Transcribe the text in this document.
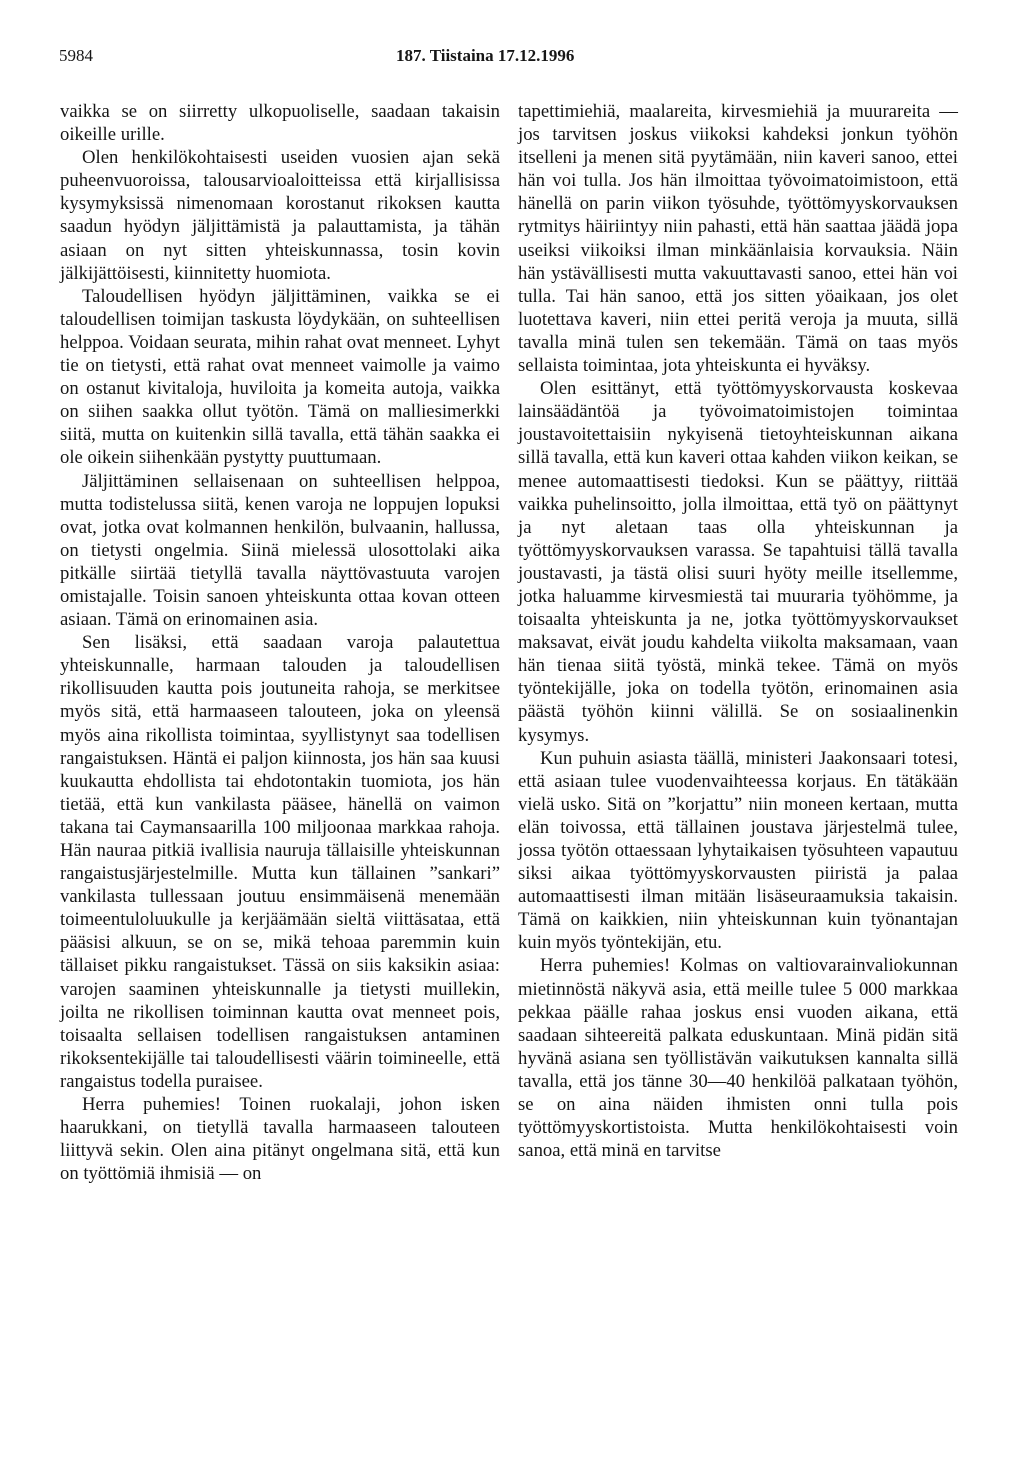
5984	187. Tiistaina 17.12.1996

vaikka se on siirretty ulkopuoliselle, saadaan takaisin oikeille urille.

Olen henkilökohtaisesti useiden vuosien ajan sekä puheenvuoroissa, talousarvioaloitteissa että kirjallisissa kysymyksissä nimenomaan korostanut rikoksen kautta saadun hyödyn jäljittämistä ja palauttamista, ja tähän asiaan on nyt sitten yhteiskunnassa, tosin kovin jälkijättöisesti, kiinnitetty huomiota.

Taloudellisen hyödyn jäljittäminen, vaikka se ei taloudellisen toimijan taskusta löydykään, on suhteellisen helppoa. Voidaan seurata, mihin rahat ovat menneet. Lyhyt tie on tietysti, että rahat ovat menneet vaimolle ja vaimo on ostanut kivitaloja, huviloita ja komeita autoja, vaikka on siihen saakka ollut työtön. Tämä on malliesimerkki siitä, mutta on kuitenkin sillä tavalla, että tähän saakka ei ole oikein siihenkään pystytty puuttumaan.

Jäljittäminen sellaisenaan on suhteellisen helppoa, mutta todistelussa siitä, kenen varoja ne loppujen lopuksi ovat, jotka ovat kolmannen henkilön, bulvaanin, hallussa, on tietysti ongelmia. Siinä mielessä ulosottolaki aika pitkälle siirtää tietyllä tavalla näyttövastuuta varojen omistajalle. Toisin sanoen yhteiskunta ottaa kovan otteen asiaan. Tämä on erinomainen asia.

Sen lisäksi, että saadaan varoja palautettua yhteiskunnalle, harmaan talouden ja taloudellisen rikollisuuden kautta pois joutuneita rahoja, se merkitsee myös sitä, että harmaaseen talouteen, joka on yleensä myös aina rikollista toimintaa, syyllistynyt saa todellisen rangaistuksen. Häntä ei paljon kiinnosta, jos hän saa kuusi kuukautta ehdollista tai ehdotontakin tuomiota, jos hän tietää, että kun vankilasta pääsee, hänellä on vaimon takana tai Caymansaarilla 100 miljoonaa markkaa rahoja. Hän nauraa pitkiä ivallisia nauruja tällaisille yhteiskunnan rangaistusjärjestelmille. Mutta kun tällainen ”sankari” vankilasta tullessaan joutuu ensimmäisenä menemään toimeentuloluukulle ja kerjäämään sieltä viittäsataa, että pääsisi alkuun, se on se, mikä tehoaa paremmin kuin tällaiset pikku rangaistukset. Tässä on siis kaksikin asiaa: varojen saaminen yhteiskunnalle ja tietysti muillekin, joilta ne rikollisen toiminnan kautta ovat menneet pois, toisaalta sellaisen todellisen rangaistuksen antaminen rikoksentekijälle tai taloudellisesti väärin toimineelle, että rangaistus todella puraisee.

Herra puhemies! Toinen ruokalaji, johon isken haarukkani, on tietyllä tavalla harmaaseen talouteen liittyvä sekin. Olen aina pitänyt ongelmana sitä, että kun on työttömiä ihmisiä — on

tapettimiehiä, maalareita, kirvesmiehiä ja muurareita — jos tarvitsen joskus viikoksi kahdeksi jonkun työhön itselleni ja menen sitä pyytämään, niin kaveri sanoo, ettei hän voi tulla. Jos hän ilmoittaa työvoimatoimistoon, että hänellä on parin viikon työsuhde, työttömyyskorvauksen rytmitys häiriintyy niin pahasti, että hän saattaa jäädä jopa useiksi viikoiksi ilman minkäänlaisia korvauksia. Näin hän ystävällisesti mutta vakuuttavasti sanoo, ettei hän voi tulla. Tai hän sanoo, että jos sitten yöaikaan, jos olet luotettava kaveri, niin ettei peritä veroja ja muuta, sillä tavalla minä tulen sen tekemään. Tämä on taas myös sellaista toimintaa, jota yhteiskunta ei hyväksy.

Olen esittänyt, että työttömyyskorvausta koskevaa lainsäädäntöä ja työvoimatoimistojen toimintaa joustavoitettaisiin nykyisenä tietoyhteiskunnan aikana sillä tavalla, että kun kaveri ottaa kahden viikon keikan, se menee automaattisesti tiedoksi. Kun se päättyy, riittää vaikka puhelinsoitto, jolla ilmoittaa, että työ on päättynyt ja nyt aletaan taas olla yhteiskunnan ja työttömyyskorvauksen varassa. Se tapahtuisi tällä tavalla joustavasti, ja tästä olisi suuri hyöty meille itsellemme, jotka haluamme kirvesmiestä tai muuraria työhömme, ja toisaalta yhteiskunta ja ne, jotka työttömyyskorvaukset maksavat, eivät joudu kahdelta viikolta maksamaan, vaan hän tienaa siitä työstä, minkä tekee. Tämä on myös työntekijälle, joka on todella työtön, erinomainen asia päästä työhön kiinni välillä. Se on sosiaalinenkin kysymys.

Kun puhuin asiasta täällä, ministeri Jaakonsaari totesi, että asiaan tulee vuodenvaihteessa korjaus. En tätäkään vielä usko. Sitä on ”korjattu” niin moneen kertaan, mutta elän toivossa, että tällainen joustava järjestelmä tulee, jossa työtön ottaessaan lyhytaikaisen työsuhteen vapautuu siksi aikaa työttömyyskorvausten piiristä ja palaa automaattisesti ilman mitään lisäseuraamuksia takaisin. Tämä on kaikkien, niin yhteiskunnan kuin työnantajan kuin myös työntekijän, etu.

Herra puhemies! Kolmas on valtiovarainvaliokunnan mietinnöstä näkyvä asia, että meille tulee 5 000 markkaa pekkaa päälle rahaa joskus ensi vuoden aikana, että saadaan sihteereitä palkata eduskuntaan. Minä pidän sitä hyvänä asiana sen työllistävän vaikutuksen kannalta sillä tavalla, että jos tänne 30—40 henkilöä palkataan työhön, se on aina näiden ihmisten onni tulla pois työttömyyskortistoista. Mutta henkilökohtaisesti voin sanoa, että minä en tarvitse
